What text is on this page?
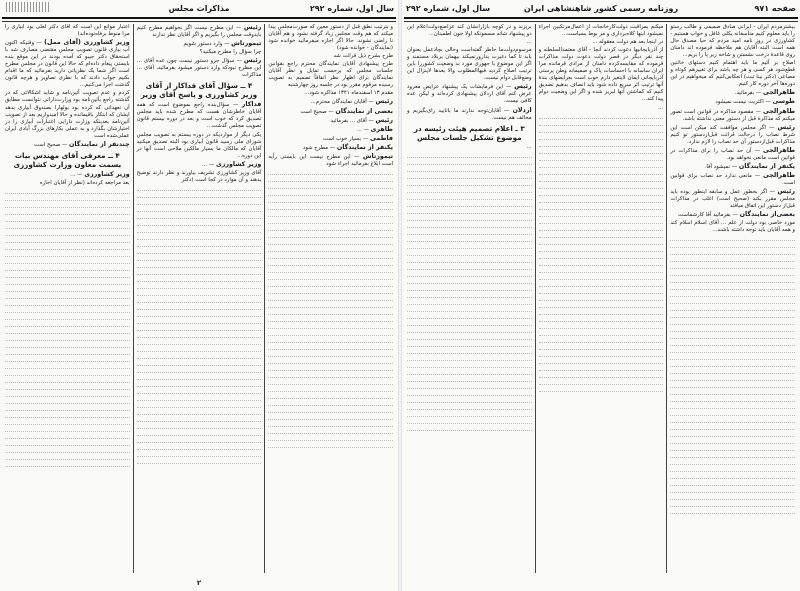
سال اول، شماره ۲۹۲
مذاکرات مجلس

و بترتیب نطق قبل از دستور معین که صورت‌مجلس پیدا میکند که هم وقت مجلس زیاد گرفته نشود و هم آقایان نا راضی نشوند. حالا اگر اجازه میفرمائید خوانده شود (نمایندگان - خوانده شود)

طرح بشرح ذیل قرائت شد

طرح پیشنهادی آقایان نمایندگان محترم راجع بقوانین جلسات مجلس که برحسب تمایل و نظر آقایان نمایندگان برای اظهار نظر اتفاقاً تصمیم به تصویب رسیده مرقوم مقرر بود در جلسه روز چهارشنبه

مقدم ۱۳ اسفندماه ۱۳۴۱ مذاکره شود...

رئیس — آقایان نمایندگان محترم...

بعضی از نمایندگان — صحیح است

رئیس — آقای ... بفرمائید

طاهری — ...

فاطمی — بسیار خوب است

یکنفر از نمایندگان — مطرح شود

تیمورتاش — این مطرح نیست این بایستی رأیه است ابلاغ بفرمائید اجراء شود

رئیس — این مطرح نیست اگر بخواهیم مطرح کنیم بایدوقت مجلس را بگیریم و اگر آقایان نظر ندارند

تیمورتاش — وارد دستور شویم

چرا سؤال را مطرح میکنید؟

رئیس — سؤال جزو دستور نیست چون عده آقای ... این مطرح نبودکه وارد دستور میشود بفرمائید، آقای ... مذاکرات

۴ ــ سؤال آقای فداکار از آقای وزیر کشاورزی و پاسخ آقای وزیر

فداکار — سؤال‌بنده راجع بموضوع است که همه آقایان خاطرشان هست که مطرح شده باید مجلس تصدیق کرد که خوب است و بعد در دوره بیستم قانون تصویب مجلس گذشت...

یکی دیگر از مواردیکه در دوره بیستم به تصویب مجلس شورای ملی رسید قانون آبیاری بود البته تصدیق میکنید آقایان که مالکان ما بسیار مالکین ملاحی است آنها در این دوره...

وزیر کشاورزی — ...

آقای وزیر کشاورزی تشریف بیاورند و نظر دارند توضیح بدهند و آن موارد در کجا است (دکتر

اعتبار موانع این است که آقای دکتر لعلی بود آبیاری را مرا منوط برفاه‌نوده‌اند)

وزیر کشاورزی (آقای ممل) — وقتیکه اکنون آب بیاری قانون تصویب مجلس مقتضی مصارف شد با استحقاق دکتر جیبو که آمده بودند در این موقع بنده بایستی پیغام داده‌ام که حالا این قانون در مجلس مطرح است اگر شما یک نظریاتی دارید بفرمائید که ما اقدام بکنیم جواب دادند که با نظری تصاویر و هرچه قانون گذشت اجرا می‌کنیم...

کردم و عدم تصویب آئین‌نامه و شاید اشکالاتی که در گذشته راجع بآئین‌نامه بود وزارت‌داراتی نتوانست مطابق آن تعهداتی که کرده بود بولهارا بصندوق آبیاری بدهد ایشان که ابتکار باقیمانده و حالا امیدواریم بعد از تصویب آئین‌نامه بعدینکه وزارت دارایی اعتبارات آبیاری را در اختیارشان بگذارد و به عملی بکارهای بزرگ آبادی ایران عملی‌شده است

چندنفر از نمایندگان — صحیح است

۴ ــ معرفی آقای مهندس بیات بسمت معاون وزارت کشاورزی

وزیر کشاورزی — ...

بعد مراجعه کرده‌اند (نظر از آقایان اجازه

۲
صفحه ۹۷۱
روزنامه رسمی کشور شاهنشاهی ایران
سال اول، شماره ۲۹۲

بیشترمردم ایران - ایرانی صادق صمیمی و طالب رستو را باید معلوم کنیم متأسفانه یکلی غافل و خواب هستیم - کشاورزی در روز نامه امید مردم که حیا مصدق حال همه است البته آقایان هم ملاحظه فرموده اند دامنان روی قاعدهٔ درخت نشستن و شاخه زیر پا را بریم...

اصلاح بر آئیم ما باید اهتمام کنیم دستهای خائنین قطع‌شود هر کسی و هر چه باشد برای تغییرهم کوتاه و مصاعی (دکتر بینا تبت) انعکاس‌کنیم که میخواهیم در این دوره‌ها آخر دوره کار کنیم.

طاهرالجی — بفرمائید.

طوسی — اکثریت نیست نمیشود

طاهرالجی — مقصود مذاکره در قوانین است تصور میکنم که مذاکرهٔ قبل از دستور معنی نداشته باشد.

رئیس — اگر مجلس موافقت کند میکن است این شرط نصاب را درحالت قرائت قبل‌ازدستور تو کنیم مذاکرات قبل‌ازدستور آن حد نصاب را لازم ندارد.

طاهرالجی — آن حد نصاب را برای مذاکرات در قوانین است مانعی نخواهد بود.

یکنفر از نمایندگان — نمیشود آقا.

طاهرالجی — مانعی ندارد حد نصاب برای قوانین است.

رئیس — اگر بخطور عمل و سابقه اینطور بوده باید مجلس مقرر بکند (صحیح است) اغلب در مذاکرات قبل‌از دستور این اتفاق میافتد

بعضی‌از نمایندگان — بفرمائید آقا کارشماست

مورد خاصی بود دولت از علم ... آقای اسلام اسلام کند و همه آقایان باید توجه داشته باشند...

میکنم بمراقبت دولت‌کارخانجات از اعمال‌مرتکبین اجراء نمیشود اینها کلاه‌برداری و مر بوط بسیاست...

در اینجا بعد هم دولت معقوله ...

از آذربایجانیها دعوت کردند آنجا - آقای معتمدالسلطنه و چند نفر دیگر در قصر دولت دعوت دولت مذاکرات قرموده که مقایسه‌کرده دامنان از مرادی قرمانده مرا ایران ساسانه با احساسات پاک و صمیمانه وطن پرستی آذربایجانی ایمان لایتغیر دارم خوب است بعرایضهای بندهٔ آنها ترتیب اثر سریع داده شود باید انصاف بدهیم تصدیق کنیم که کماشتن آنها لبریز شده و اگر این وضعیت دوام پیدا کند...

...

بریزند و در کوچه بازارانشان کند عراضع‌دولت‌اعلام این دو پیشنهاد شاته مسمونکه اولا جون اطمینان...

...

مرسوم‌دولت‌ما حاطر گفته‌است وحالی بچادعمل بعنوان بابد تا کما دغیرت بدارورنمیکند بیهمان بربلاد مستمند و اگر این موضوع با جهوری مورد بد وضعیت کشوررا باین ترتیب اصلاح کردید فبهاالمطلوب والا بعدها لاینزال این وضع‌قابل دوام نیست.

رئیس — این فرمایشات یک پیشنهاد عرایض معرود عرض کنم آقای اردلان پیشنهادی کرده‌اند و لیکن عده کافی نیست.

اردلان — آقایان‌توجه ندارند ما با‌تایید رای‌بگیریم و مخالف هم نیست.

۳ ـ اعلام تصمیم هیئت رئیسه در موضوع تشکیل جلسات مجلس

...
